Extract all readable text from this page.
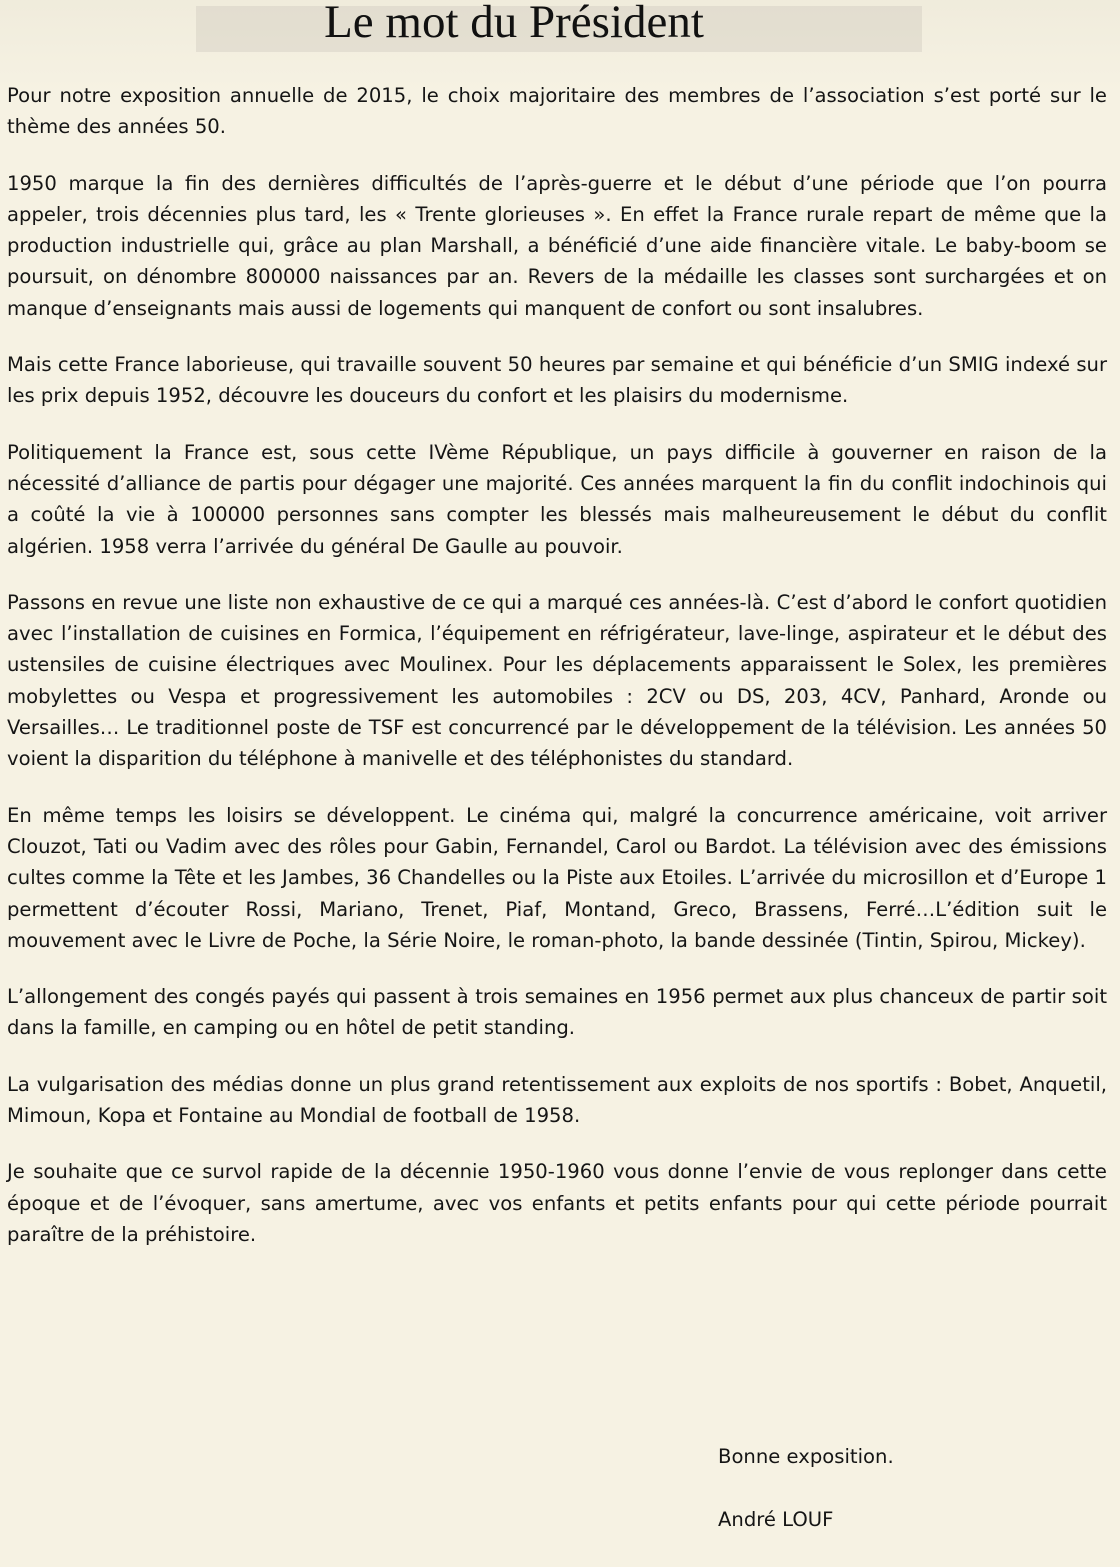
Le mot du Président

Pour notre exposition annuelle de 2015, le choix majoritaire des membres de l’association s’est porté sur le thème des années 50.

1950 marque la fin des dernières difficultés de l’après-guerre et le début d’une période que l’on pourra appeler, trois décennies plus tard, les « Trente glorieuses ». En effet la France rurale repart de même que la production industrielle qui, grâce au plan Marshall, a bénéficié d’une aide financière vitale. Le baby-boom se poursuit, on dénombre 800000 naissances par an. Revers de la médaille les classes sont surchargées et on manque d’enseignants mais aussi de logements qui manquent de confort ou sont insalubres.

Mais cette France laborieuse, qui travaille souvent 50 heures par semaine et qui bénéficie d’un SMIG indexé sur les prix depuis 1952, découvre les douceurs du confort et les plaisirs du modernisme.

Politiquement la France est, sous cette IVème République, un pays difficile à gouverner en raison de la nécessité d’alliance de partis pour dégager une majorité. Ces années marquent la fin du conflit indochinois qui a coûté la vie à 100000 personnes sans compter les blessés mais malheureusement le début du conflit algérien. 1958 verra l’arrivée du général De Gaulle au pouvoir.

Passons en revue une liste non exhaustive de ce qui a marqué ces années-là. C’est d’abord le confort quotidien avec l’installation de cuisines en Formica, l’équipement en réfrigérateur, lave-linge, aspirateur et le début des ustensiles de cuisine électriques avec Moulinex. Pour les déplacements apparaissent le Solex, les premières mobylettes ou Vespa et progressivement les automobiles : 2CV ou DS, 203, 4CV, Panhard, Aronde ou Versailles… Le traditionnel poste de TSF est concurrencé par le développement de la télévision. Les années 50 voient la disparition du téléphone à manivelle et des téléphonistes du standard.

En même temps les loisirs se développent. Le cinéma qui, malgré la concurrence américaine, voit arriver Clouzot, Tati ou Vadim avec des rôles pour Gabin, Fernandel, Carol ou Bardot. La télévision avec des émissions cultes comme la Tête et les Jambes, 36 Chandelles ou la Piste aux Etoiles. L’arrivée du microsillon et d’Europe 1 permettent d’écouter Rossi, Mariano, Trenet, Piaf, Montand, Greco, Brassens, Ferré…L’édition suit le mouvement avec le Livre de Poche, la Série Noire, le roman-photo, la bande dessinée (Tintin, Spirou, Mickey).

L’allongement des congés payés qui passent à trois semaines en 1956 permet aux plus chanceux de partir soit dans la famille, en camping ou en hôtel de petit standing.

La vulgarisation des médias donne un plus grand retentissement aux exploits de nos sportifs : Bobet, Anquetil, Mimoun, Kopa et Fontaine au Mondial de football de 1958.

Je souhaite que ce survol rapide de la décennie 1950-1960 vous donne l’envie de vous replonger dans cette époque et de l’évoquer, sans amertume, avec vos enfants et petits enfants pour qui cette période pourrait paraître de la préhistoire.

Bonne exposition.
André LOUF
